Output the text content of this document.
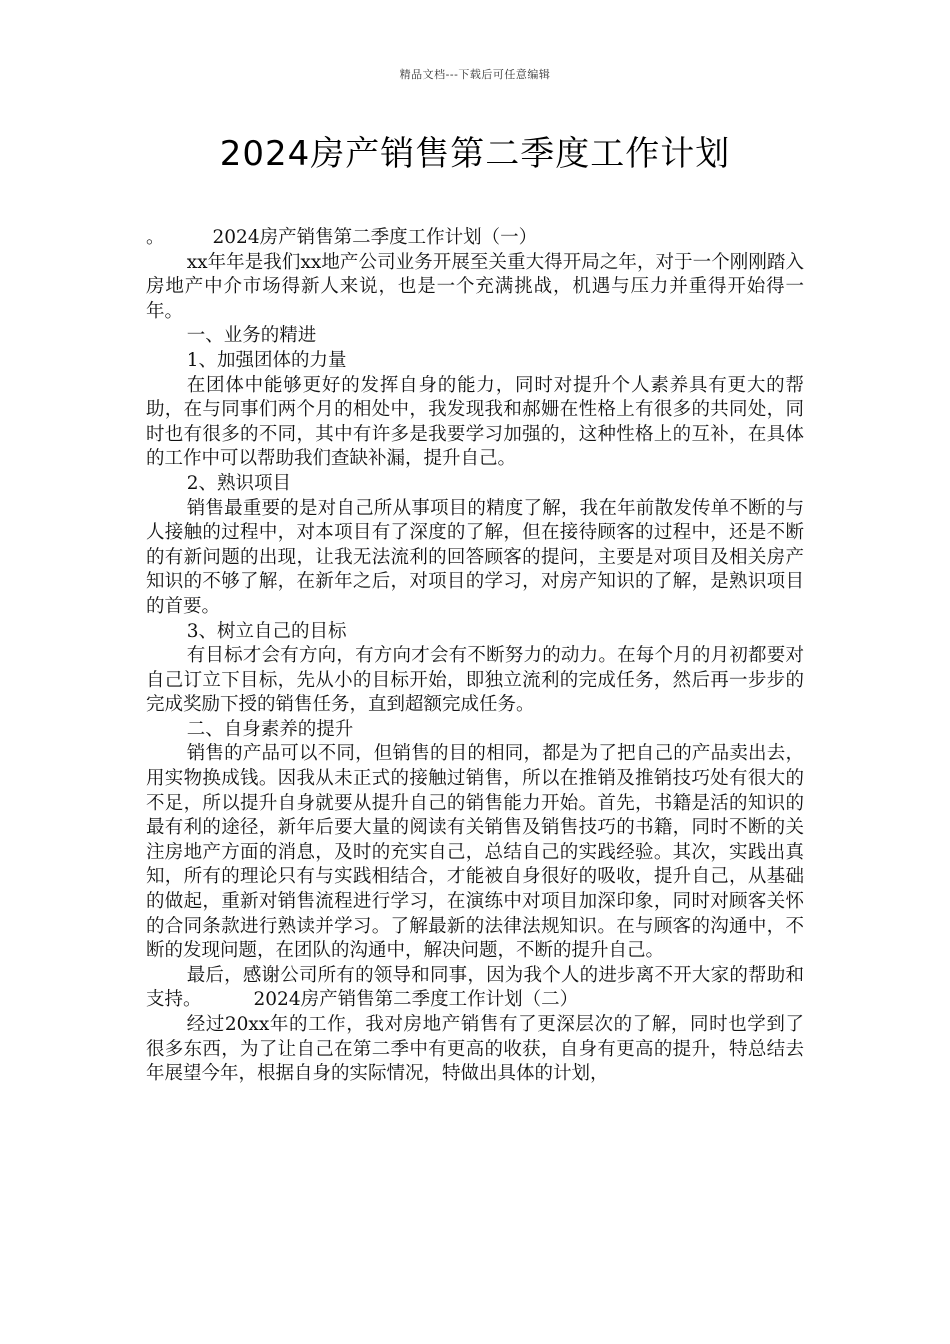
精品文档---下载后可任意编辑
2024房产销售第二季度工作计划

。	2024房产销售第二季度工作计划（一）

xx年年是我们xx地产公司业务开展至关重大得开局之年，对于一个刚刚踏入房地产中介市场得新人来说，也是一个充满挑战，机遇与压力并重得开始得一年。

一、业务的精进

1、加强团体的力量

在团体中能够更好的发挥自身的能力，同时对提升个人素养具有更大的帮助，在与同事们两个月的相处中，我发现我和郝姗在性格上有很多的共同处，同时也有很多的不同，其中有许多是我要学习加强的，这种性格上的互补，在具体的工作中可以帮助我们查缺补漏，提升自己。

2、熟识项目

销售最重要的是对自己所从事项目的精度了解，我在年前散发传单不断的与人接触的过程中，对本项目有了深度的了解，但在接待顾客的过程中，还是不断的有新问题的出现，让我无法流利的回答顾客的提问，主要是对项目及相关房产知识的不够了解，在新年之后，对项目的学习，对房产知识的了解，是熟识项目的首要。

3、树立自己的目标

有目标才会有方向，有方向才会有不断努力的动力。在每个月的月初都要对自己订立下目标，先从小的目标开始，即独立流利的完成任务，然后再一步步的完成奖励下授的销售任务，直到超额完成任务。

二、自身素养的提升

销售的产品可以不同，但销售的目的相同，都是为了把自己的产品卖出去，用实物换成钱。因我从未正式的接触过销售，所以在推销及推销技巧处有很大的不足，所以提升自身就要从提升自己的销售能力开始。首先，书籍是活的知识的最有利的途径，新年后要大量的阅读有关销售及销售技巧的书籍，同时不断的关注房地产方面的消息，及时的充实自己，总结自己的实践经验。其次，实践出真知，所有的理论只有与实践相结合，才能被自身很好的吸收，提升自己，从基础的做起，重新对销售流程进行学习，在演练中对项目加深印象，同时对顾客关怀的合同条款进行熟读并学习。了解最新的法律法规知识。在与顾客的沟通中，不断的发现问题，在团队的沟通中，解决问题，不断的提升自己。

最后，感谢公司所有的领导和同事，因为我个人的进步离不开大家的帮助和支持。	2024房产销售第二季度工作计划（二）

经过20xx年的工作，我对房地产销售有了更深层次的了解，同时也学到了很多东西，为了让自己在第二季中有更高的收获，自身有更高的提升，特总结去年展望今年，根据自身的实际情况，特做出具体的计划，
